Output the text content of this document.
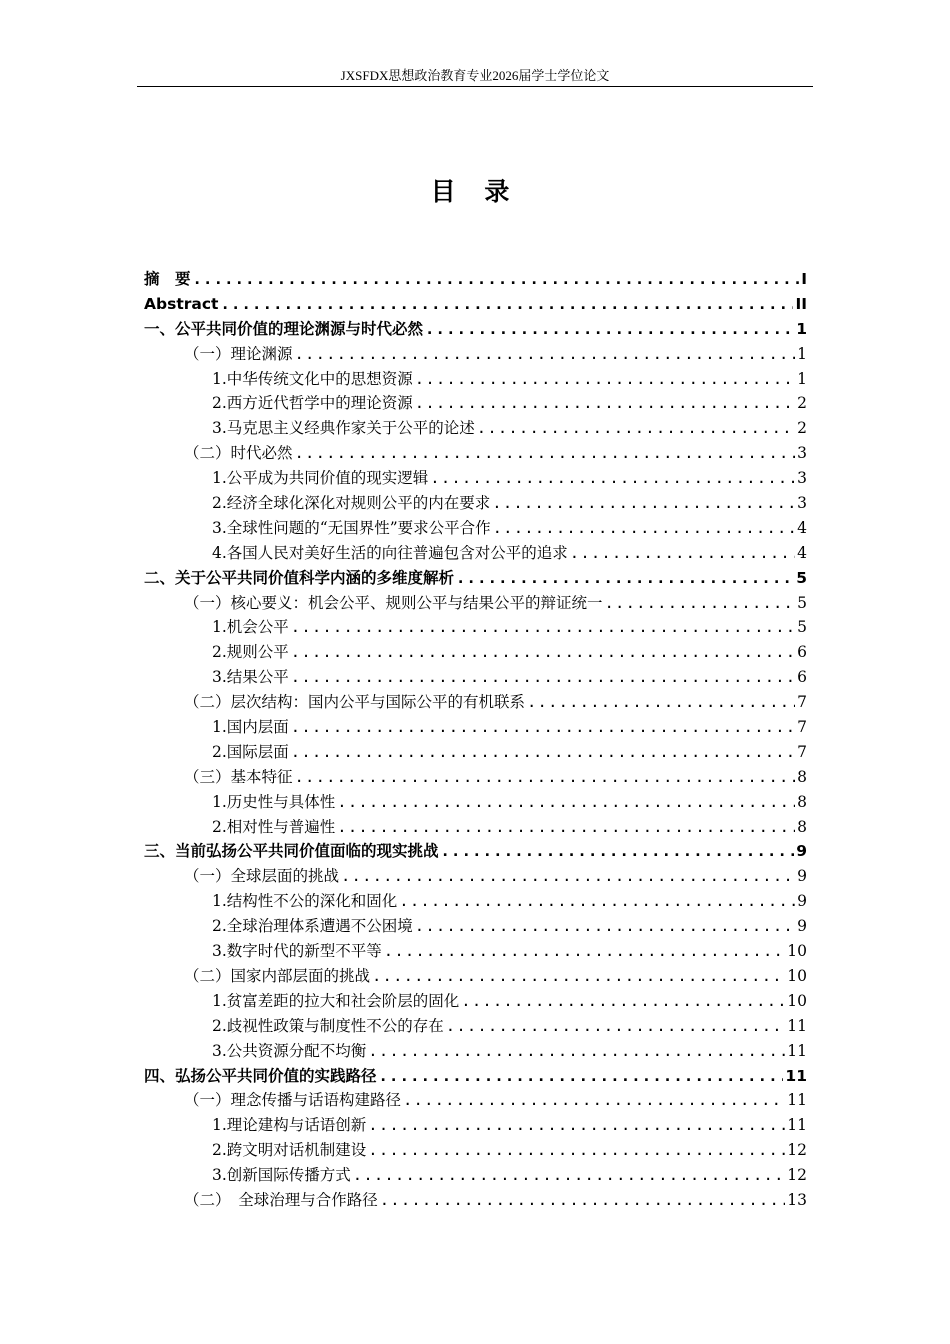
JXSFDX思想政治教育专业2026届学士学位论文
目 录
摘　要 .....	I
Abstract .....	II
一、公平共同价值的理论渊源与时代必然 .....	1
（一）理论渊源 .....	1
1.中华传统文化中的思想资源 .....	1
2.西方近代哲学中的理论资源 .....	2
3.马克思主义经典作家关于公平的论述 .....	2
（二）时代必然 .....	3
1.公平成为共同价值的现实逻辑 .....	3
2.经济全球化深化对规则公平的内在要求 .....	3
3.全球性问题的“无国界性”要求公平合作 .....	4
4.各国人民对美好生活的向往普遍包含对公平的追求 .....	4
二、关于公平共同价值科学内涵的多维度解析 .....	5
（一）核心要义：机会公平、规则公平与结果公平的辩证统一 .....	5
1.机会公平 .....	5
2.规则公平 .....	6
3.结果公平 .....	6
（二）层次结构：国内公平与国际公平的有机联系 .....	7
1.国内层面 .....	7
2.国际层面 .....	7
（三）基本特征 .....	8
1.历史性与具体性 .....	8
2.相对性与普遍性 .....	8
三、当前弘扬公平共同价值面临的现实挑战 .....	9
（一）全球层面的挑战 .....	9
1.结构性不公的深化和固化 .....	9
2.全球治理体系遭遇不公困境 .....	9
3.数字时代的新型不平等 .....	10
（二）国家内部层面的挑战 .....	10
1.贫富差距的拉大和社会阶层的固化 .....	10
2.歧视性政策与制度性不公的存在 .....	11
3.公共资源分配不均衡 .....	11
四、弘扬公平共同价值的实践路径 .....	11
（一）理念传播与话语构建路径 .....	11
1.理论建构与话语创新 .....	11
2.跨文明对话机制建设 .....	12
3.创新国际传播方式 .....	12
（二）　全球治理与合作路径 .....	13
